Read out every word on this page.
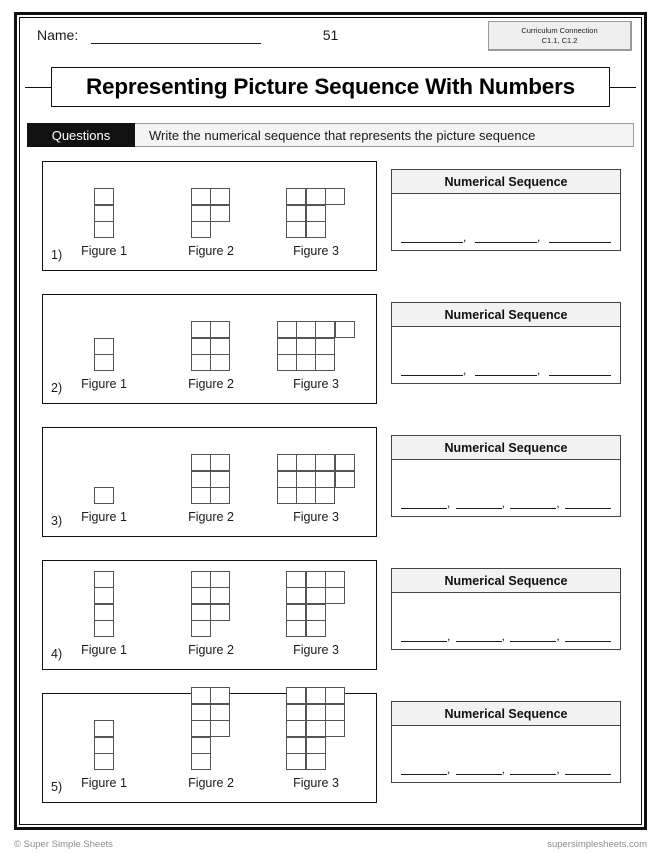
Name:	51	Curriculum Connection
C1.1, C1.2
Representing Picture Sequence With Numbers
Questions	Write the numerical sequence that represents the picture sequence
1)	Figure 1	Figure 2	Figure 3
Numerical Sequence
,	,
2)	Figure 1	Figure 2	Figure 3
Numerical Sequence
,	,
3)	Figure 1	Figure 2	Figure 3
Numerical Sequence
,	,	,
4)	Figure 1	Figure 2	Figure 3
Numerical Sequence
,	,	,
5)	Figure 1	Figure 2	Figure 3
Numerical Sequence
,	,	,
© Super Simple Sheets	supersimplesheets.com
